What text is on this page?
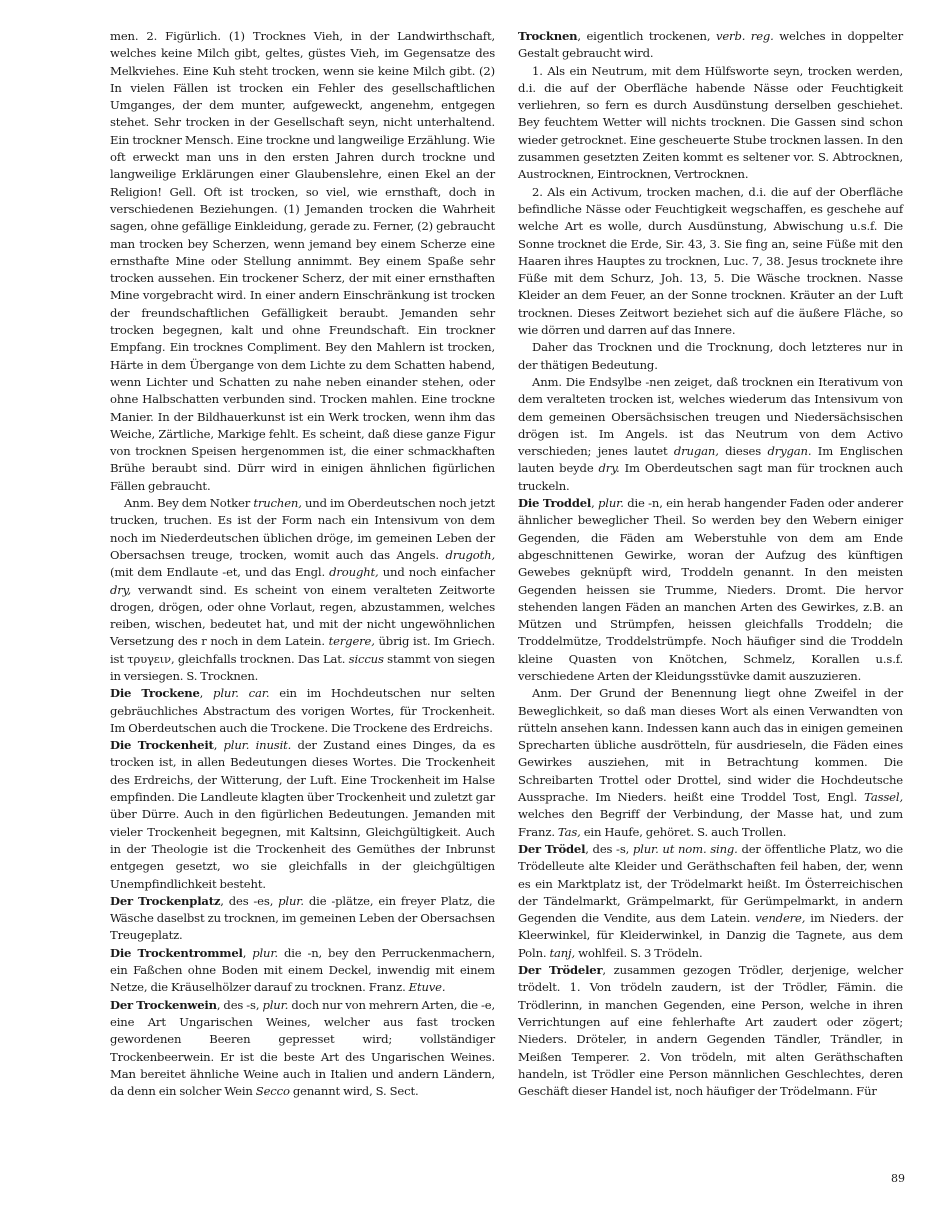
men. 2. Figürlich. (1) Trocknes Vieh, in der Landwirthschaft, welches keine Milch gibt, geltes, güstes Vieh, im Gegensatze des Melkviehes. Eine Kuh steht trocken, wenn sie keine Milch gibt. (2) In vielen Fällen ist trocken ein Fehler des gesellschaftlichen Umganges, der dem munter, aufgeweckt, angenehm, entgegen stehet. Sehr trocken in der Gesellschaft seyn, nicht unterhaltend. Ein trockner Mensch. Eine trockne und langweilige Erzählung. Wie oft erweckt man uns in den ersten Jahren durch trockne und langweilige Erklärungen einer Glaubenslehre, einen Ekel an der Religion! Gell. Oft ist trocken, so viel, wie ernsthaft, doch in verschiedenen Beziehungen. (1) Jemanden trocken die Wahrheit sagen, ohne gefällige Einkleidung, gerade zu. Ferner, (2) gebraucht man trocken bey Scherzen, wenn jemand bey einem Scherze eine ernsthafte Mine oder Stellung annimmt. Bey einem Spaße sehr trocken aussehen. Ein trockener Scherz, der mit einer ernsthaften Mine vorgebracht wird. In einer andern Einschränkung ist trocken der freundschaftlichen Gefälligkeit beraubt. Jemanden sehr trocken begegnen, kalt und ohne Freundschaft. Ein trockner Empfang. Ein trocknes Compliment. Bey den Mahlern ist trocken, Härte in dem Übergange von dem Lichte zu dem Schatten habend, wenn Lichter und Schatten zu nahe neben einander stehen, oder ohne Halbschatten verbunden sind. Trocken mahlen. Eine trockne Manier. In der Bildhauerkunst ist ein Werk trocken, wenn ihm das Weiche, Zärtliche, Markige fehlt. Es scheint, daß diese ganze Figur von trocknen Speisen hergenommen ist, die einer schmackhaften Brühe beraubt sind. Dürr wird in einigen ähnlichen figürlichen Fällen gebraucht.

Anm. Bey dem Notker truchen, und im Oberdeutschen noch jetzt trucken, truchen. Es ist der Form nach ein Intensivum von dem noch im Niederdeutschen üblichen dröge, im gemeinen Leben der Obersachsen treuge, trocken, womit auch das Angels. drugoth, (mit dem Endlaute -et, und das Engl. drought, und noch einfacher dry, verwandt sind. Es scheint von einem veralteten Zeitworte drogen, drögen, oder ohne Vorlaut, regen, abzustammen, welches reiben, wischen, bedeutet hat, und mit der nicht ungewöhnlichen Versetzung des r noch in dem Latein. tergere, übrig ist. Im Griech. ist τρυγειν, gleichfalls trocknen. Das Lat. siccus stammt von siegen in versiegen. S. Trocknen.

Die Trockene, plur. car. ein im Hochdeutschen nur selten gebräuchliches Abstractum des vorigen Wortes, für Trockenheit. Im Oberdeutschen auch die Trockene. Die Trockene des Erdreichs.

Die Trockenheit, plur. inusit. der Zustand eines Dinges, da es trocken ist, in allen Bedeutungen dieses Wortes. Die Trockenheit des Erdreichs, der Witterung, der Luft. Eine Trockenheit im Halse empfinden. Die Landleute klagten über Trockenheit und zuletzt gar über Dürre. Auch in den figürlichen Bedeutungen. Jemanden mit vieler Trockenheit begegnen, mit Kaltsinn, Gleichgültigkeit. Auch in der Theologie ist die Trockenheit des Gemüthes der Inbrunst entgegen gesetzt, wo sie gleichfalls in der gleichgültigen Unempfindlichkeit besteht.

Der Trockenplatz, des -es, plur. die -plätze, ein freyer Platz, die Wäsche daselbst zu trocknen, im gemeinen Leben der Obersachsen Treugeplatz.

Die Trockentrommel, plur. die -n, bey den Perruckenmachern, ein Faßchen ohne Boden mit einem Deckel, inwendig mit einem Netze, die Kräuselhölzer darauf zu trocknen. Franz. Etuve.

Der Trockenwein, des -s, plur. doch nur von mehrern Arten, die -e, eine Art Ungarischen Weines, welcher aus fast trocken gewordenen Beeren gepresset wird; vollständiger Trockenbeerwein. Er ist die beste Art des Ungarischen Weines. Man bereitet ähnliche Weine auch in Italien und andern Ländern, da denn ein solcher Wein Secco genannt wird, S. Sect.

Trocknen, eigentlich trockenen, verb. reg. welches in doppelter Gestalt gebraucht wird.

1. Als ein Neutrum, mit dem Hülfsworte seyn, trocken werden, d.i. die auf der Oberfläche habende Nässe oder Feuchtigkeit verliehren, so fern es durch Ausdünstung derselben geschiehet. Bey feuchtem Wetter will nichts trocknen. Die Gassen sind schon wieder getrocknet. Eine gescheuerte Stube trocknen lassen. In den zusammen gesetzten Zeiten kommt es seltener vor. S. Abtrocknen, Austrocknen, Eintrocknen, Vertrocknen.

2. Als ein Activum, trocken machen, d.i. die auf der Oberfläche befindliche Nässe oder Feuchtigkeit wegschaffen, es geschehe auf welche Art es wolle, durch Ausdünstung, Abwischung u.s.f. Die Sonne trocknet die Erde, Sir. 43, 3. Sie fing an, seine Füße mit den Haaren ihres Hauptes zu trocknen, Luc. 7, 38. Jesus trocknete ihre Füße mit dem Schurz, Joh. 13, 5. Die Wäsche trocknen. Nasse Kleider an dem Feuer, an der Sonne trocknen. Kräuter an der Luft trocknen. Dieses Zeitwort beziehet sich auf die äußere Fläche, so wie dörren und darren auf das Innere.

Daher das Trocknen und die Trocknung, doch letzteres nur in der thätigen Bedeutung.

Anm. Die Endsylbe -nen zeiget, daß trocknen ein Iterativum von dem veralteten trocken ist, welches wiederum das Intensivum von dem gemeinen Obersächsischen treugen und Niedersächsischen drögen ist. Im Angels. ist das Neutrum von dem Activo verschieden; jenes lautet drugan, dieses drygan. Im Englischen lauten beyde dry. Im Oberdeutschen sagt man für trocknen auch truckeln.

Die Troddel, plur. die -n, ein herab hangender Faden oder anderer ähnlicher beweglicher Theil. So werden bey den Webern einiger Gegenden, die Fäden am Weberstuhle von dem am Ende abgeschnittenen Gewirke, woran der Aufzug des künftigen Gewebes geknüpft wird, Troddeln genannt. In den meisten Gegenden heissen sie Trumme, Nieders. Dromt. Die hervor stehenden langen Fäden an manchen Arten des Gewirkes, z.B. an Mützen und Strümpfen, heissen gleichfalls Troddeln; die Troddelmütze, Troddelstrümpfe. Noch häufiger sind die Troddeln kleine Quasten von Knötchen, Schmelz, Korallen u.s.f. verschiedene Arten der Kleidungsstüvke damit auszuzieren.

Anm. Der Grund der Benennung liegt ohne Zweifel in der Beweglichkeit, so daß man dieses Wort als einen Verwandten von rütteln ansehen kann. Indessen kann auch das in einigen gemeinen Sprecharten übliche ausdrötteln, für ausdrieseln, die Fäden eines Gewirkes ausziehen, mit in Betrachtung kommen. Die Schreibarten Trottel oder Drottel, sind wider die Hochdeutsche Aussprache. Im Nieders. heißt eine Troddel Tost, Engl. Tassel, welches den Begriff der Verbindung, der Masse hat, und zum Franz. Tas, ein Haufe, gehöret. S. auch Trollen.

Der Trödel, des -s, plur. ut nom. sing. der öffentliche Platz, wo die Trödelleute alte Kleider und Geräthschaften feil haben, der, wenn es ein Marktplatz ist, der Trödelmarkt heißt. Im Österreichischen der Tändelmarkt, Grämpelmarkt, für Gerümpelmarkt, in andern Gegenden die Vendite, aus dem Latein. vendere, im Nieders. der Kleerwinkel, für Kleiderwinkel, in Danzig die Tagnete, aus dem Poln. tanj, wohlfeil. S. 3 Trödeln.

Der Trödeler, zusammen gezogen Trödler, derjenige, welcher trödelt. 1. Von trödeln zaudern, ist der Trödler, Fämin. die Trödlerinn, in manchen Gegenden, eine Person, welche in ihren Verrichtungen auf eine fehlerhafte Art zaudert oder zögert; Nieders. Dröteler, in andern Gegenden Tändler, Trändler, in Meißen Temperer. 2. Von trödeln, mit alten Geräthschaften handeln, ist Trödler eine Person männlichen Geschlechtes, deren Geschäft dieser Handel ist, noch häufiger der Trödelmann. Für

89
